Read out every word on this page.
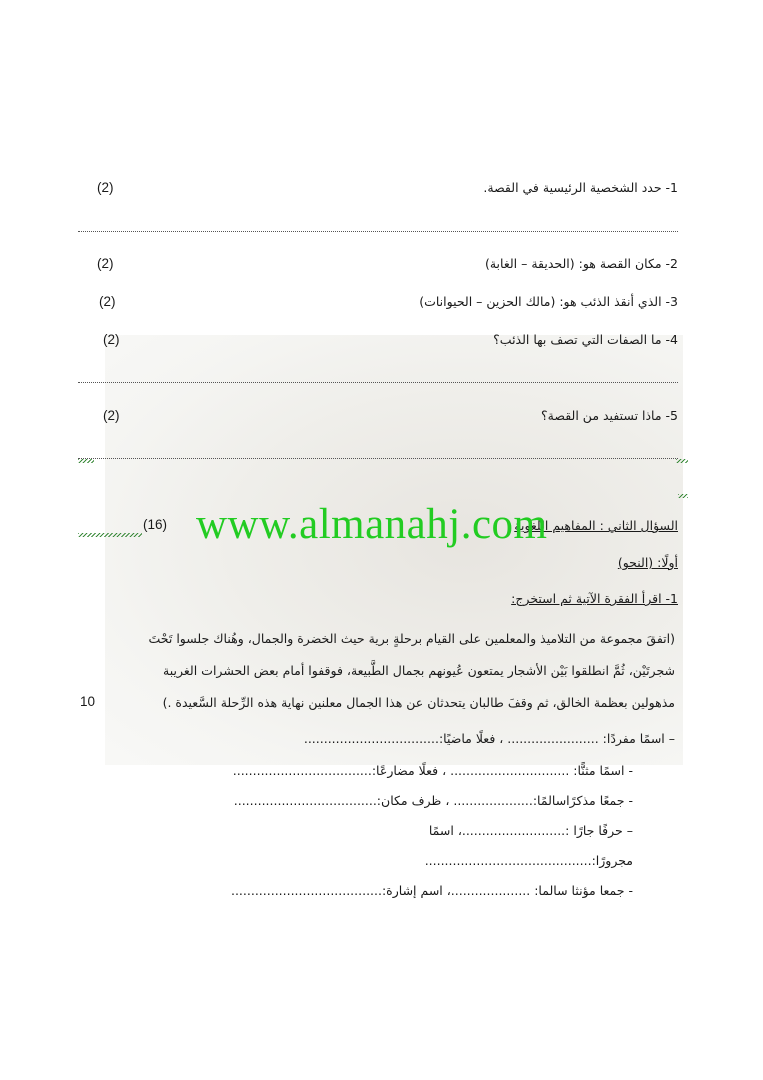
1- حدد الشخصية الرئيسية في القصة.
(2)
2- مكان القصة هو: (الحديقة – الغابة)
(2)
3- الذي أنقذ الذئب هو: (مالك الحزين – الحيوانات)
(2)
4- ما الصفات التي تصف بها الذئب؟
(2)
5- ماذا تستفيد من القصة؟
(2)
السؤال الثاني : المفاهيم اللغوية
(16) www.almanahj.com
أولًا: (النحو)
1- اقرأ الفقرة الآتية ثم استخرج:
(اتفقَ مجموعة من التلاميذ والمعلمين على القيام برحلةٍ برية حيث الخضرة والجمال، وهُناك جلسوا تَحْتَ
شجرتَيْن، ثُمَّ انطلقوا بَيْن الأشجار يمتعون عُيونهم بجمال الطَّبيعة، فوقفوا أمام بعض الحشرات الغريبة
مذهولين بعظمة الخالق، ثم وقفَ طالبان يتحدثان عن هذا الجمال معلنين نهاية هذه الرِّحلة السَّعيدة .)
10
– اسمًا مفردًا: ....................... ، فعلًا ماضيًا:..................................
- اسمًا مثنًّا: .............................. ، فعلًا مضارعًا:...................................
- جمعًا مذكرًاسالمًا:.................... ، ظرف مكان:....................................
– حرفًا جارًا :..........................، اسمًا
مجرورًا:..........................................
- جمعا مؤنثا سالما: ....................، اسم إشارة:......................................
